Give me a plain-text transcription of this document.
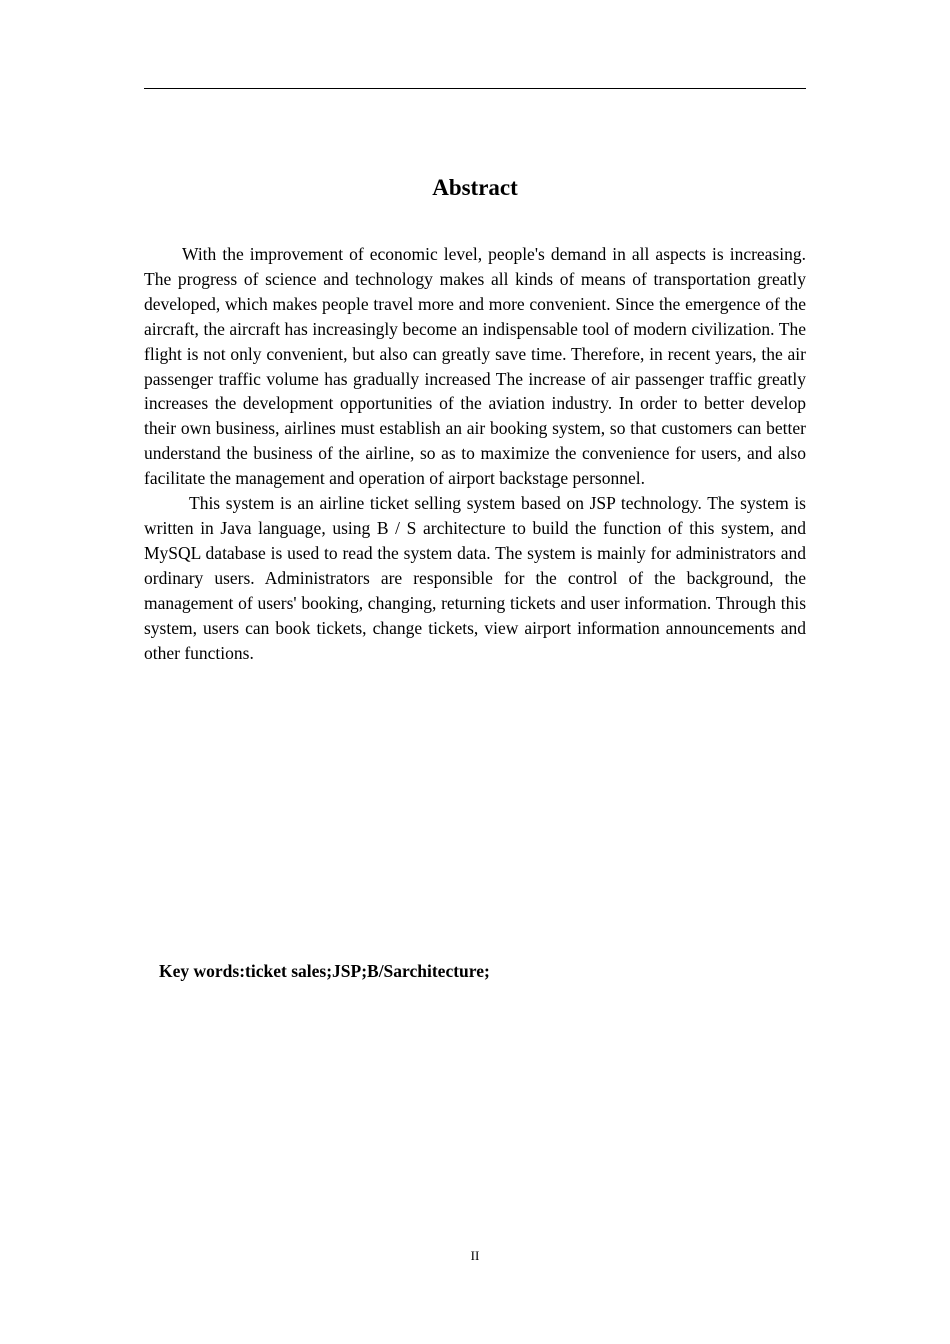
Abstract

With the improvement of economic level, people's demand in all aspects is increasing. The progress of science and technology makes all kinds of means of transportation greatly developed, which makes people travel more and more convenient. Since the emergence of the aircraft, the aircraft has increasingly become an indispensable tool of modern civilization. The flight is not only convenient, but also can greatly save time. Therefore, in recent years, the air passenger traffic volume has gradually increased The increase of air passenger traffic greatly increases the development opportunities of the aviation industry. In order to better develop their own business, airlines must establish an air booking system, so that customers can better understand the business of the airline, so as to maximize the convenience for users, and also facilitate the management and operation of airport backstage personnel.

This system is an airline ticket selling system based on JSP technology. The system is written in Java language, using B / S architecture to build the function of this system, and MySQL database is used to read the system data. The system is mainly for administrators and ordinary users. Administrators are responsible for the control of the background, the management of users' booking, changing, returning tickets and user information. Through this system, users can book tickets, change tickets, view airport information announcements and other functions.

Key words:ticket sales;JSP;B/Sarchitecture;
II
